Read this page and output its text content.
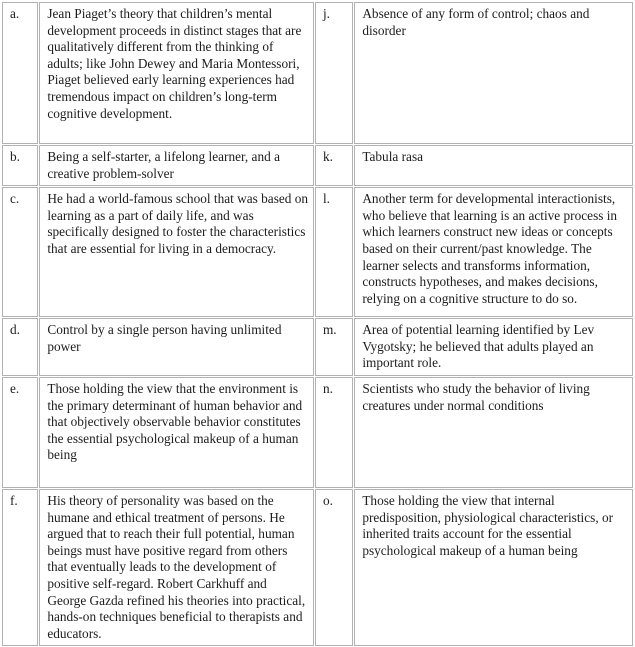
a.	Jean Piaget’s theory that children’s mental development proceeds in distinct stages that are qualitatively different from the thinking of adults; like John Dewey and Maria Montessori, Piaget believed early learning experiences had tremendous impact on children’s long-term cognitive development.	j.	Absence of any form of control; chaos and disorder
b.	Being a self-starter, a lifelong learner, and a creative problem-solver	k.	Tabula rasa
c.	He had a world-famous school that was based on learning as a part of daily life, and was specifically designed to foster the characteristics that are essential for living in a democracy.	l.	Another term for developmental interactionists, who believe that learning is an active process in which learners construct new ideas or concepts based on their current/past knowledge. The learner selects and transforms information, constructs hypotheses, and makes decisions, relying on a cognitive structure to do so.
d.	Control by a single person having unlimited power	m.	Area of potential learning identified by Lev Vygotsky; he believed that adults played an important role.
e.	Those holding the view that the environment is the primary determinant of human behavior and that objectively observable behavior constitutes the essential psychological makeup of a human being	n.	Scientists who study the behavior of living creatures under normal conditions
f.	His theory of personality was based on the humane and ethical treatment of persons. He argued that to reach their full potential, human beings must have positive regard from others that eventually leads to the development of positive self-regard. Robert Carkhuff and George Gazda refined his theories into practical, hands-on techniques beneficial to therapists and educators.	o.	Those holding the view that internal predisposition, physiological characteristics, or inherited traits account for the essential psychological makeup of a human being
